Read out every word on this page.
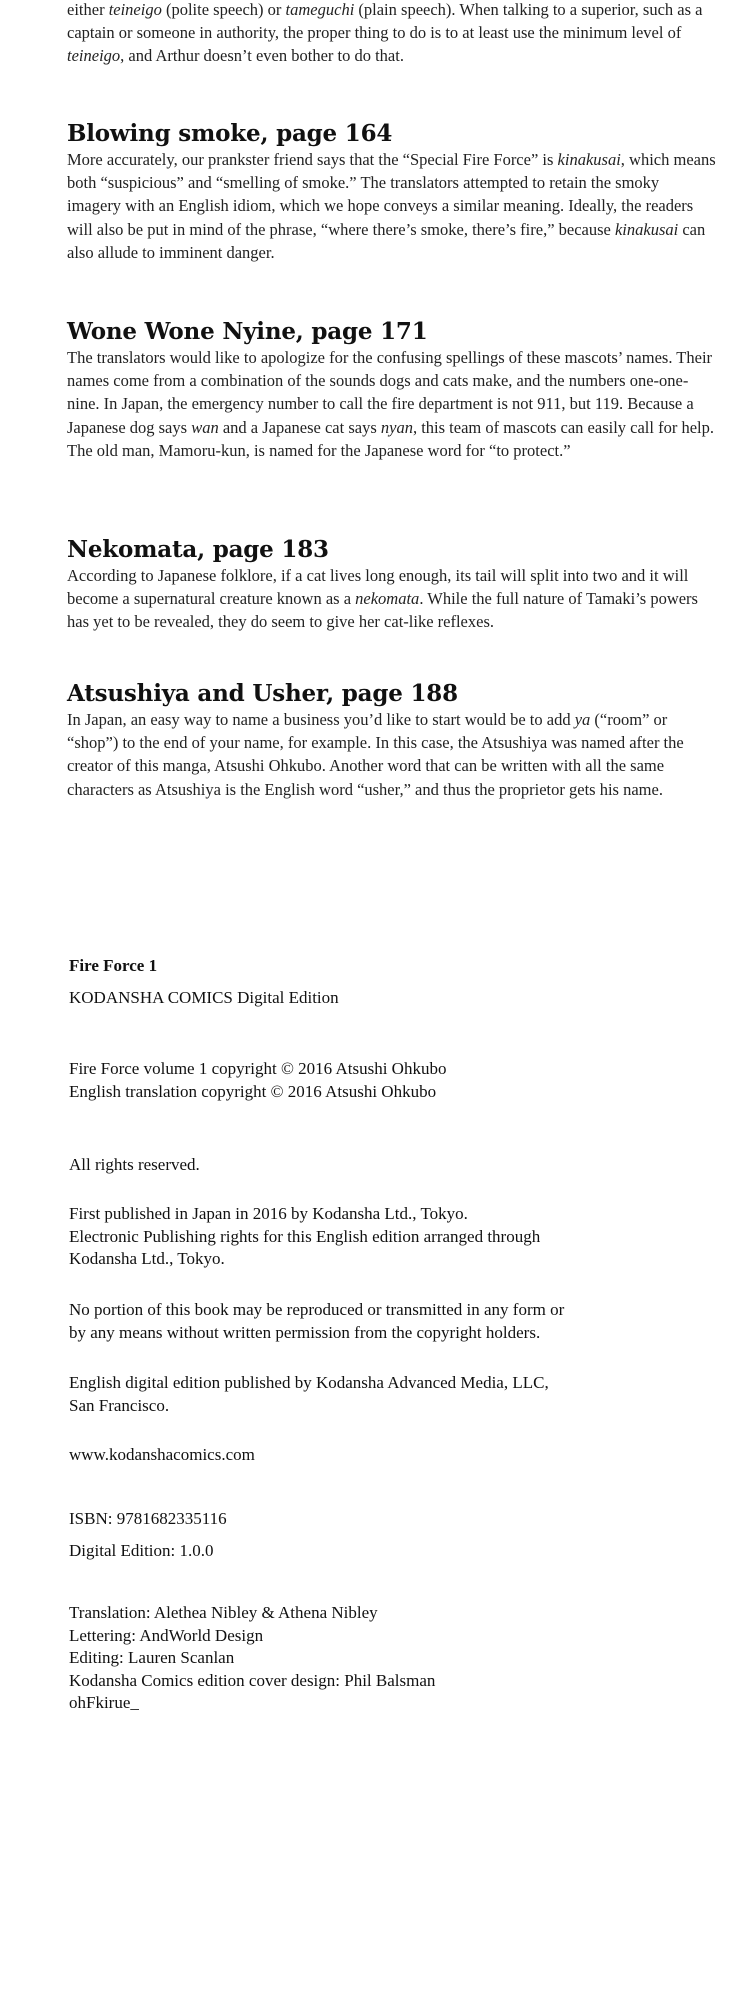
either teineigo (polite speech) or tameguchi (plain speech). When talking to a superior, such as a captain or someone in authority, the proper thing to do is to at least use the minimum level of teineigo, and Arthur doesn’t even bother to do that.

Blowing smoke, page 164

More accurately, our prankster friend says that the “Special Fire Force” is kinakusai, which means both “suspicious” and “smelling of smoke.” The translators attempted to retain the smoky imagery with an English idiom, which we hope conveys a similar meaning. Ideally, the readers will also be put in mind of the phrase, “where there’s smoke, there’s fire,” because kinakusai can also allude to imminent danger.

Wone Wone Nyine, page 171

The translators would like to apologize for the confusing spellings of these mascots’ names. Their names come from a combination of the sounds dogs and cats make, and the numbers one-one-nine. In Japan, the emergency number to call the fire department is not 911, but 119. Because a Japanese dog says wan and a Japanese cat says nyan, this team of mascots can easily call for help. The old man, Mamoru-kun, is named for the Japanese word for “to protect.”

Nekomata, page 183

According to Japanese folklore, if a cat lives long enough, its tail will split into two and it will become a supernatural creature known as a nekomata. While the full nature of Tamaki’s powers has yet to be revealed, they do seem to give her cat-like reflexes.

Atsushiya and Usher, page 188

In Japan, an easy way to name a business you’d like to start would be to add ya (“room” or “shop”) to the end of your name, for example. In this case, the Atsushiya was named after the creator of this manga, Atsushi Ohkubo. Another word that can be written with all the same characters as Atsushiya is the English word “usher,” and thus the proprietor gets his name.

Fire Force 1

KODANSHA COMICS Digital Edition

Fire Force volume 1 copyright © 2016 Atsushi Ohkubo

English translation copyright © 2016 Atsushi Ohkubo

All rights reserved.

First published in Japan in 2016 by Kodansha Ltd., Tokyo.

Electronic Publishing rights for this English edition arranged through

Kodansha Ltd., Tokyo.

No portion of this book may be reproduced or transmitted in any form or

by any means without written permission from the copyright holders.

English digital edition published by Kodansha Advanced Media, LLC,

San Francisco.

www.kodanshacomics.com

ISBN: 9781682335116

Digital Edition: 1.0.0

Translation: Alethea Nibley & Athena Nibley

Lettering: AndWorld Design

Editing: Lauren Scanlan

Kodansha Comics edition cover design: Phil Balsman

ohFkirue_
